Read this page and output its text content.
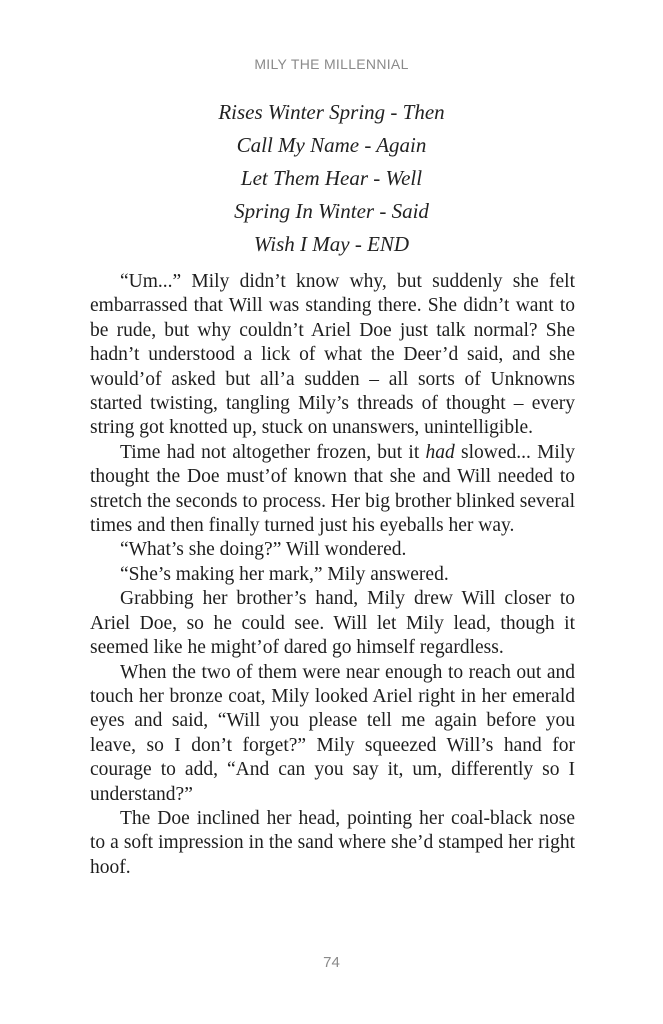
MILY THE MILLENNIAL
Rises Winter Spring - Then
Call My Name - Again
Let Them Hear - Well
Spring In Winter - Said
Wish I May - END

“Um...” Mily didn’t know why, but suddenly she felt embarrassed that Will was standing there. She didn’t want to be rude, but why couldn’t Ariel Doe just talk normal? She hadn’t understood a lick of what the Deer’d said, and she would’of asked but all’a sudden – all sorts of Unknowns started twisting, tangling Mily’s threads of thought – every string got knotted up, stuck on unanswers, unintelligible.

Time had not altogether frozen, but it had slowed... Mily thought the Doe must’of known that she and Will needed to stretch the seconds to process. Her big brother blinked several times and then finally turned just his eyeballs her way.

“What’s she doing?” Will wondered.

“She’s making her mark,” Mily answered.

Grabbing her brother’s hand, Mily drew Will closer to Ariel Doe, so he could see. Will let Mily lead, though it seemed like he might’of dared go himself regardless.

When the two of them were near enough to reach out and touch her bronze coat, Mily looked Ariel right in her emerald eyes and said, “Will you please tell me again before you leave, so I don’t forget?” Mily squeezed Will’s hand for courage to add, “And can you say it, um, differently so I understand?”

The Doe inclined her head, pointing her coal-black nose to a soft impression in the sand where she’d stamped her right hoof.

74
